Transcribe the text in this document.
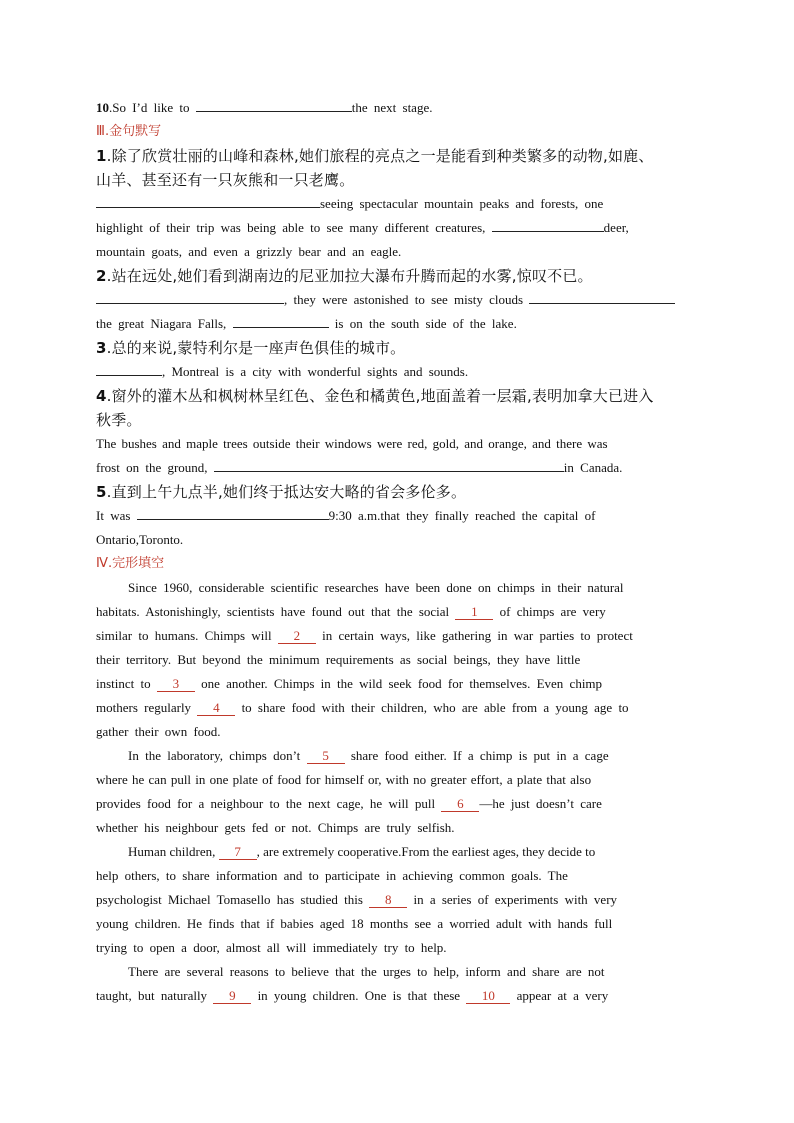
10.So I’d like to	the next stage.
Ⅲ.金句默写
1.除了欣赏壮丽的山峰和森林,她们旅程的亮点之一是能看到种类繁多的动物,如鹿、
山羊、甚至还有一只灰熊和一只老鹰。
seeing spectacular mountain peaks and forests, one
highlight of their trip was being able to see many different creatures,	deer,
mountain goats, and even a grizzly bear and an eagle.
2.站在远处,她们看到湖南边的尼亚加拉大瀑布升腾而起的水雾,惊叹不已。
, they were astonished to see misty clouds
the great Niagara Falls,	is on the south side of the lake.
3.总的来说,蒙特利尔是一座声色俱佳的城市。
, Montreal is a city with wonderful sights and sounds.
4.窗外的灌木丛和枫树林呈红色、金色和橘黄色,地面盖着一层霜,表明加拿大已进入
秋季。
The bushes and maple trees outside their windows were red, gold, and orange, and there was
frost on the ground,	in Canada.
5.直到上午九点半,她们终于抵达安大略的省会多伦多。
It was	9:30 a.m.that they finally reached the capital of
Ontario,Toronto.
Ⅳ.完形填空
Since 1960, considerable scientific researches have been done on chimps in their natural
habitats. Astonishingly, scientists have found out that the social 1 of chimps are very
similar to humans. Chimps will 2 in certain ways, like gathering in war parties to protect
their territory. But beyond the minimum requirements as social beings, they have little
instinct to 3 one another. Chimps in the wild seek food for themselves. Even chimp
mothers regularly 4 to share food with their children, who are able from a young age to
gather their own food.
In the laboratory, chimps don’t 5 share food either. If a chimp is put in a cage
where he can pull in one plate of food for himself or, with no greater effort, a plate that also
provides food for a neighbour to the next cage, he will pull 6 —he just doesn’t care
whether his neighbour gets fed or not. Chimps are truly selfish.
Human children, 7 , are extremely cooperative.From the earliest ages, they decide to
help others, to share information and to participate in achieving common goals. The
psychologist Michael Tomasello has studied this 8 in a series of experiments with very
young children. He finds that if babies aged 18 months see a worried adult with hands full
trying to open a door, almost all will immediately try to help.
There are several reasons to believe that the urges to help, inform and share are not
taught, but naturally 9 in young children. One is that these 10 appear at a very
